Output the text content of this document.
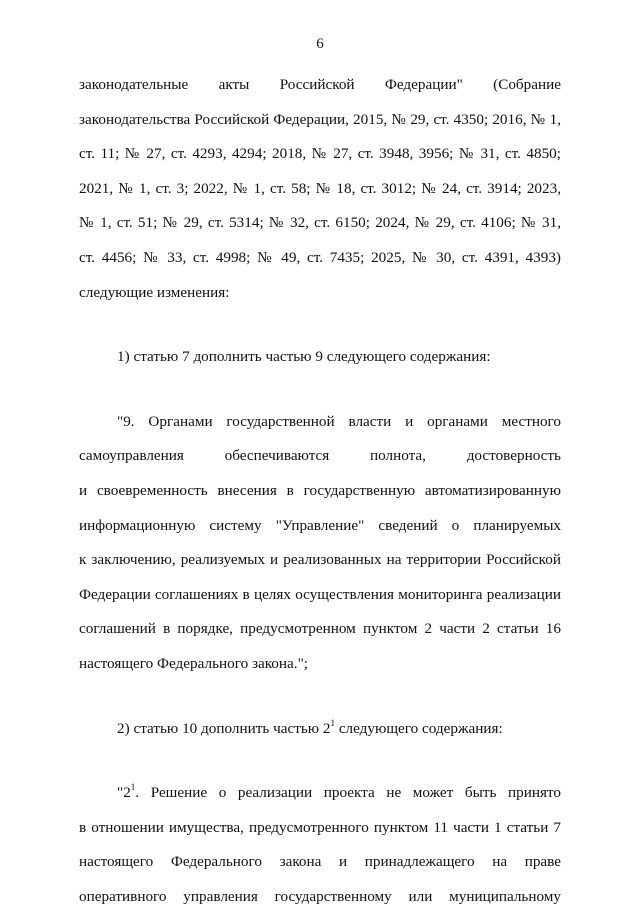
6
законодательные акты Российской Федерации" (Собрание
законодательства Российской Федерации, 2015, № 29, ст. 4350; 2016, № 1,
ст. 11; № 27, ст. 4293, 4294; 2018, № 27, ст. 3948, 3956; № 31, ст. 4850;
2021, № 1, ст. 3; 2022, № 1, ст. 58; № 18, ст. 3012; № 24, ст. 3914; 2023,
№ 1, ст. 51; № 29, ст. 5314; № 32, ст. 6150; 2024, № 29, ст. 4106; № 31,
ст. 4456; № 33, ст. 4998; № 49, ст. 7435; 2025, № 30, ст. 4391, 4393)
следующие изменения:
1) статью 7 дополнить частью 9 следующего содержания:
"9. Органами государственной власти и органами местного
самоуправления обеспечиваются полнота, достоверность
и своевременность внесения в государственную автоматизированную
информационную систему "Управление" сведений о планируемых
к заключению, реализуемых и реализованных на территории Российской
Федерации соглашениях в целях осуществления мониторинга реализации
соглашений в порядке, предусмотренном пунктом 2 части 2 статьи 16
настоящего Федерального закона.";
2) статью 10 дополнить частью $2^1$ следующего содержания:
"$2^1$. Решение о реализации проекта не может быть принято
в отношении имущества, предусмотренного пунктом 11 части 1 статьи 7
настоящего Федерального закона и принадлежащего на праве
оперативного управления государственному или муниципальному
